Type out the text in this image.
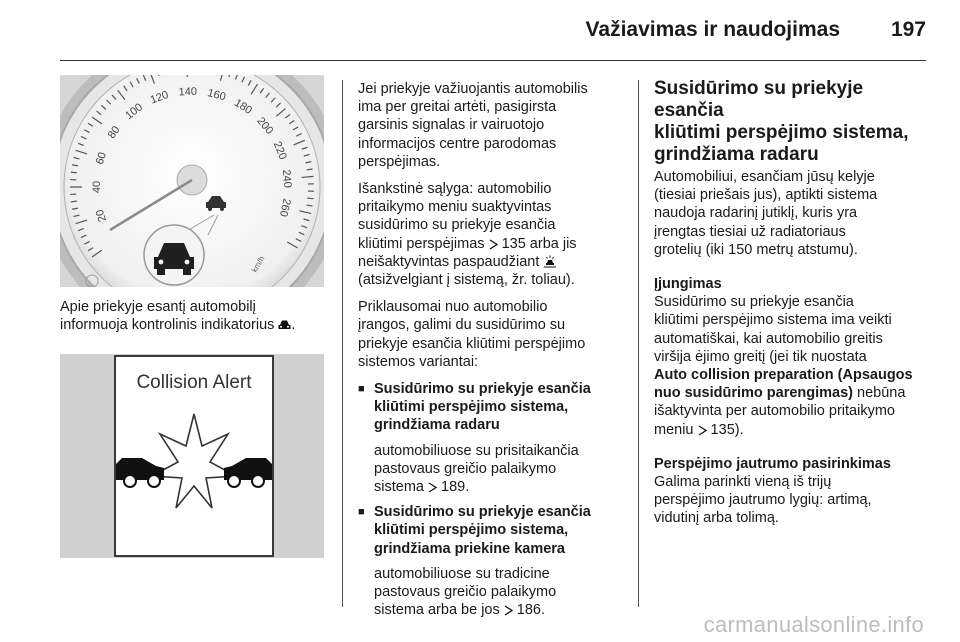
Važiavimas ir naudojimas 197
20
40
60
80
100
120 140 160
180
200
220
240
260
km/h
Apie priekyje esantį automobilį
informuoja kontrolinis indikatorius .
Collision Alert

Jei priekyje važiuojantis automobilis
ima per greitai artėti, pasigirsta
garsinis signalas ir vairuotojo
informacijos centre parodomas
perspėjimas.

Išankstinė sąlyga: automobilio
pritaikymo meniu suaktyvintas
susidūrimo su priekyje esančia
kliūtimi perspėjimas  135 arba jis
neišaktyvintas paspaudžiant
(atsižvelgiant į sistemą, žr. toliau).

Priklausomai nuo automobilio
įrangos, galimi du susidūrimo su
priekyje esančia kliūtimi perspėjimo
sistemos variantai:

■ Susidūrimo su priekyje esančia
kliūtimi perspėjimo sistema,
grindžiama radaru
automobiliuose su prisitaikančia
pastovaus greičio palaikymo
sistema  189.
■ Susidūrimo su priekyje esančia
kliūtimi perspėjimo sistema,
grindžiama priekine kamera
automobiliuose su tradicine
pastovaus greičio palaikymo
sistema arba be jos  186.
Susidūrimo su priekyje esančia
kliūtimi perspėjimo sistema,
grindžiama radaru

Automobiliui, esančiam jūsų kelyje
(tiesiai priešais jus), aptikti sistema
naudoja radarinį jutiklį, kuris yra
įrengtas tiesiai už radiatoriaus
grotelių (iki 150 metrų atstumu).

Įjungimas

Susidūrimo su priekyje esančia
kliūtimi perspėjimo sistema ima veikti
automatiškai, kai automobilio greitis
viršija ėjimo greitį (jei tik nuostata
Auto collision preparation (Apsaugos
nuo susidūrimo parengimas) nebūna
išaktyvinta per automobilio pritaikymo
meniu  135).

Perspėjimo jautrumo pasirinkimas

Galima parinkti vieną iš trijų
perspėjimo jautrumo lygių: artimą,
vidutinį arba tolimą.

carmanualsonline.info
